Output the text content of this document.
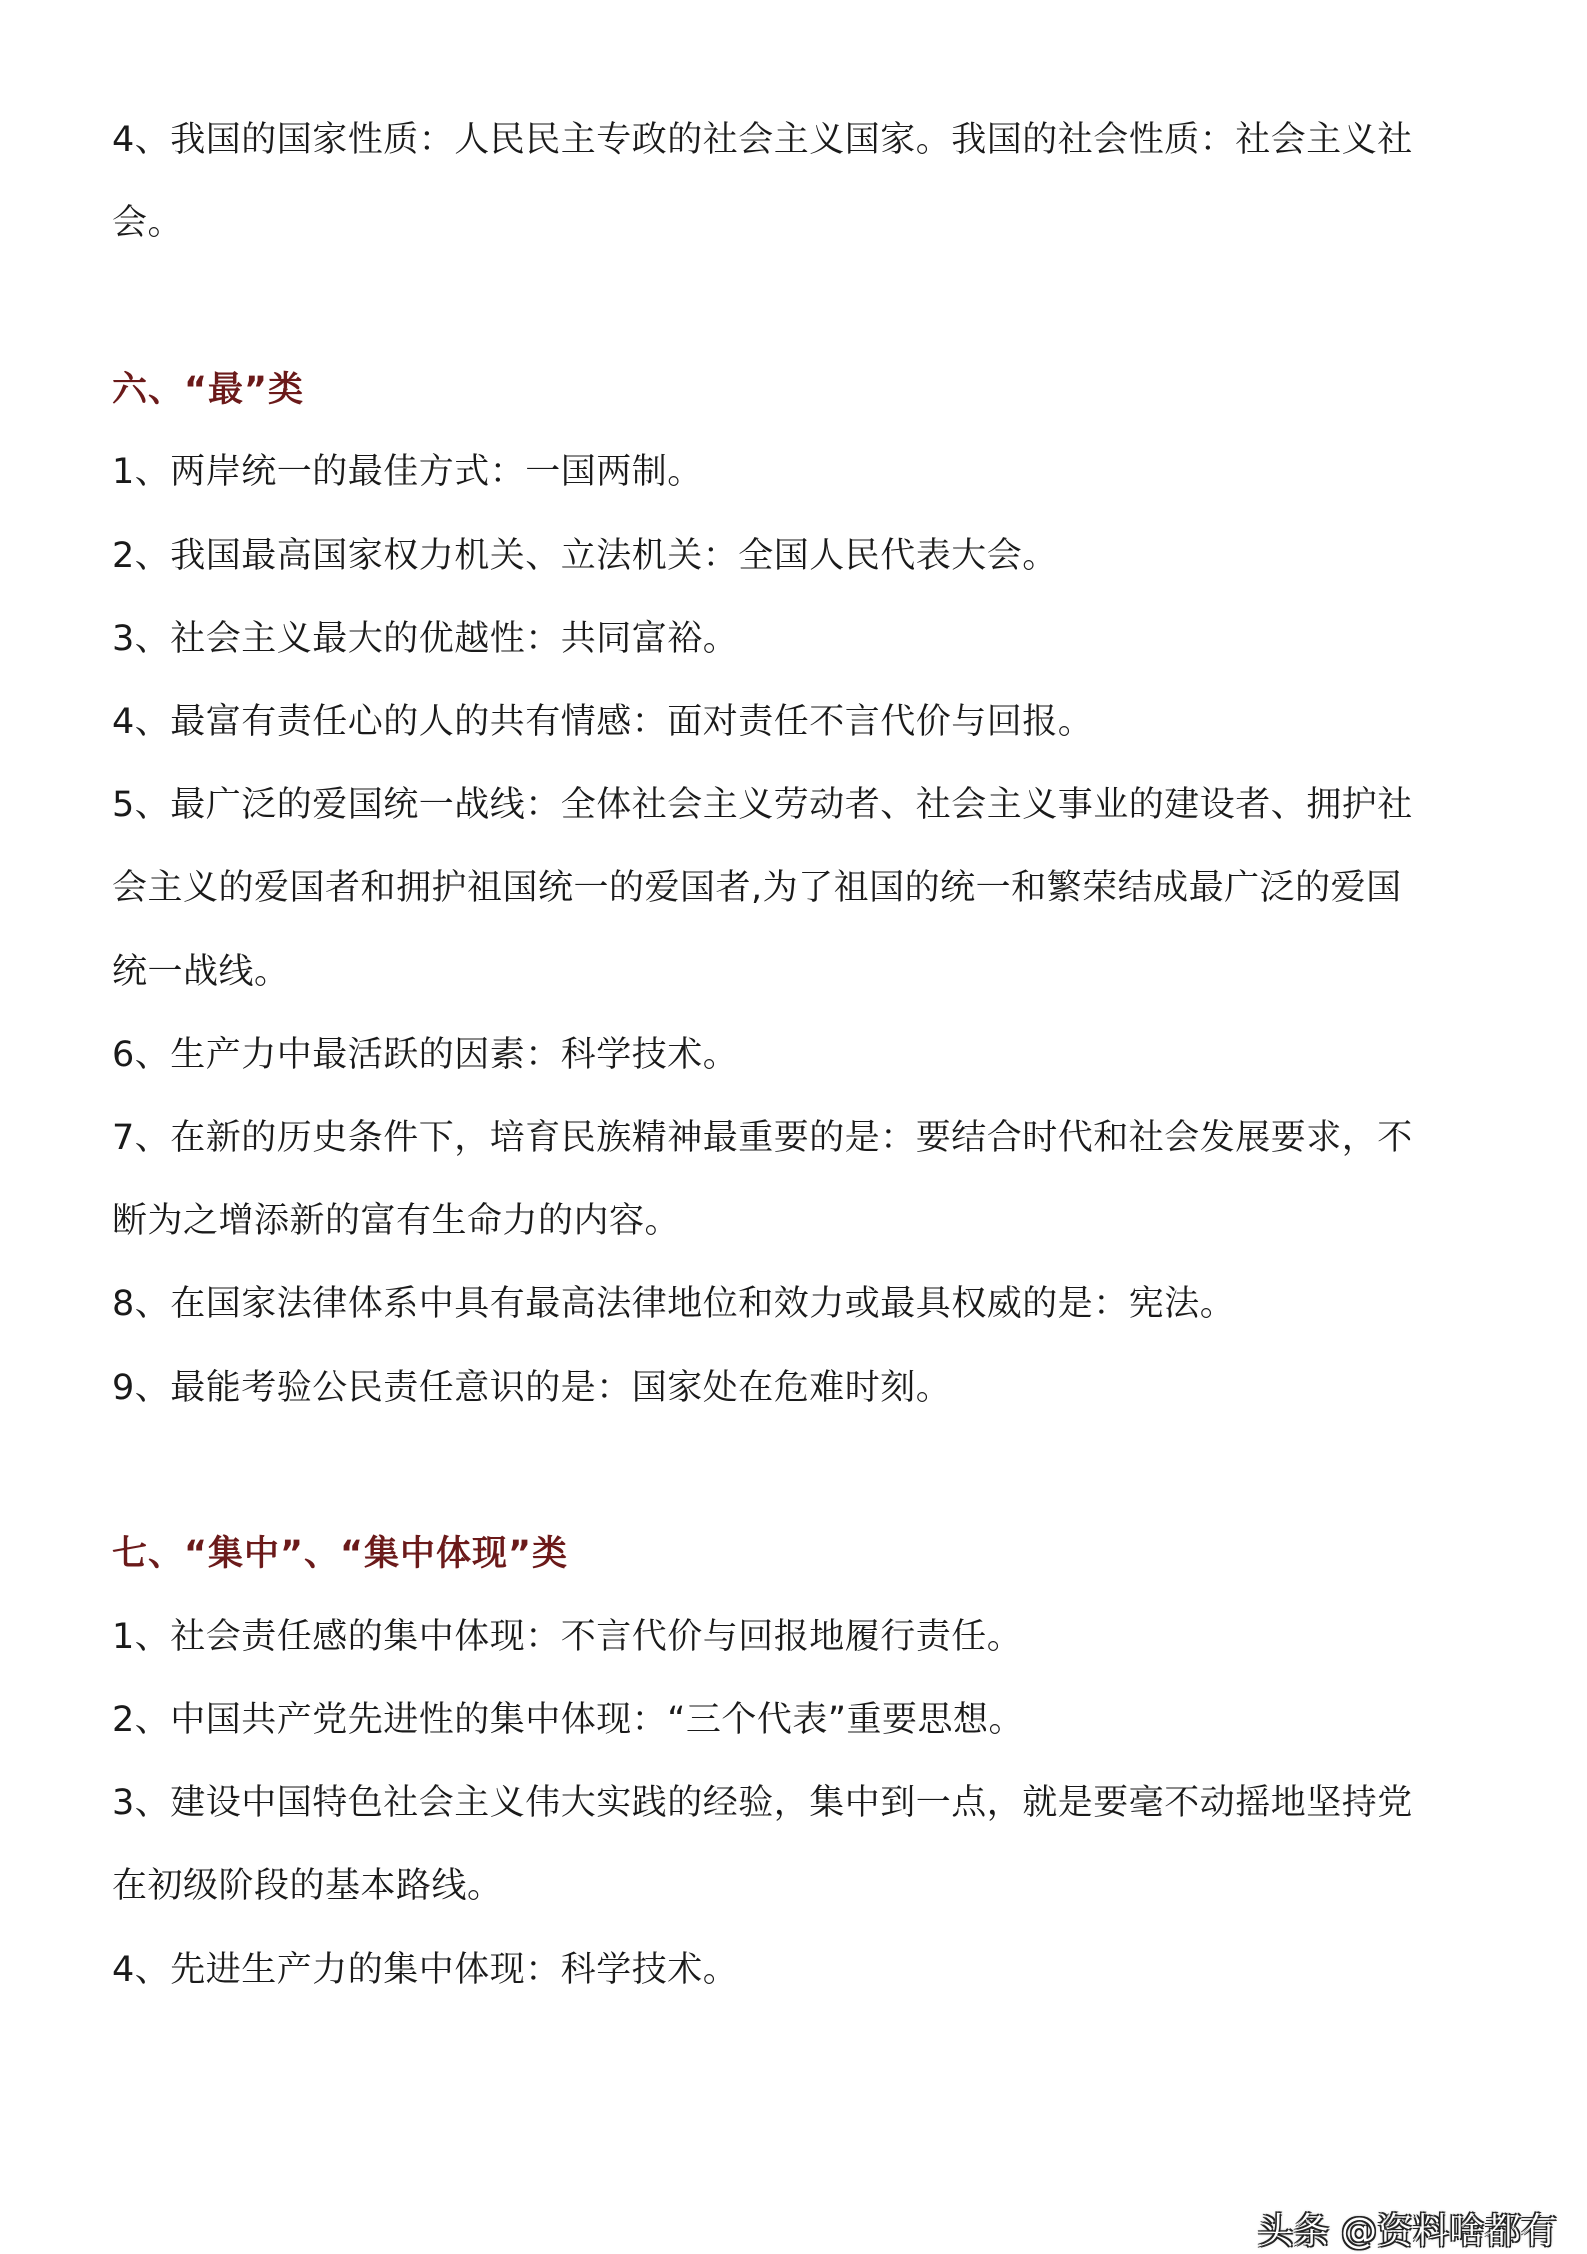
4、我国的国家性质：人民民主专政的社会主义国家。我国的社会性质：社会主义社
会。
六、“最”类
1、两岸统一的最佳方式：一国两制。
2、我国最高国家权力机关、立法机关：全国人民代表大会。
3、社会主义最大的优越性：共同富裕。
4、最富有责任心的人的共有情感：面对责任不言代价与回报。
5、最广泛的爱国统一战线：全体社会主义劳动者、社会主义事业的建设者、拥护社
会主义的爱国者和拥护祖国统一的爱国者,为了祖国的统一和繁荣结成最广泛的爱国
统一战线。
6、生产力中最活跃的因素：科学技术。
7、在新的历史条件下，培育民族精神最重要的是：要结合时代和社会发展要求，不
断为之增添新的富有生命力的内容。
8、在国家法律体系中具有最高法律地位和效力或最具权威的是：宪法。
9、最能考验公民责任意识的是：国家处在危难时刻。
七、“集中”、“集中体现”类
1、社会责任感的集中体现：不言代价与回报地履行责任。
2、中国共产党先进性的集中体现：“三个代表”重要思想。
3、建设中国特色社会主义伟大实践的经验，集中到一点，就是要毫不动摇地坚持党
在初级阶段的基本路线。
4、先进生产力的集中体现：科学技术。
头条 @资料啥都有
